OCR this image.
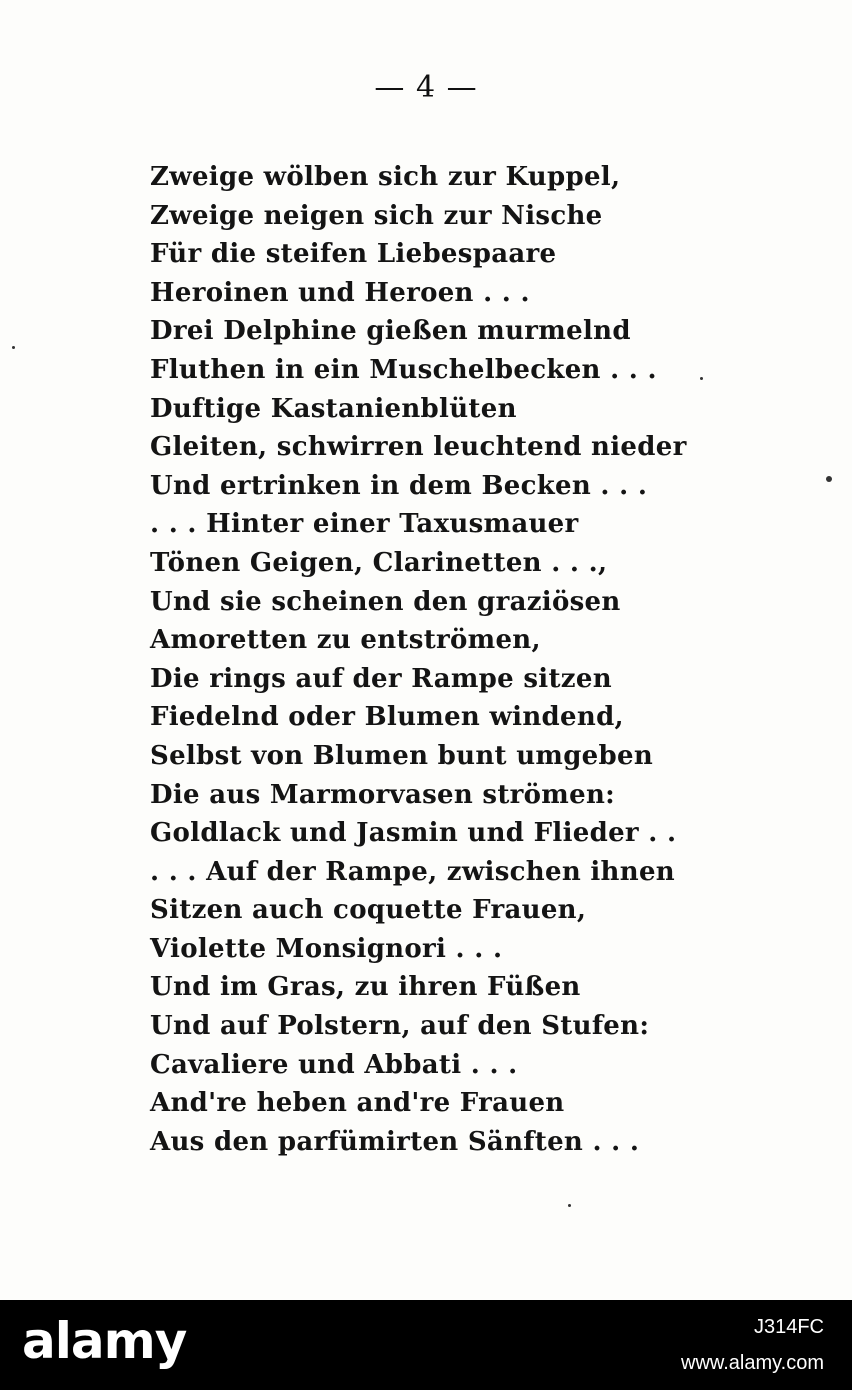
— 4 —
Zweige wölben sich zur Kuppel,
Zweige neigen sich zur Nische
Für die steifen Liebespaare
Heroinen und Heroen . . .
Drei Delphine gießen murmelnd
Fluthen in ein Muschelbecken . . .
Duftige Kastanienblüten
Gleiten, schwirren leuchtend nieder
Und ertrinken in dem Becken . . .
. . . Hinter einer Taxusmauer
Tönen Geigen, Clarinetten . . .,
Und sie scheinen den graziösen
Amoretten zu entströmen,
Die rings auf der Rampe sitzen
Fiedelnd oder Blumen windend,
Selbst von Blumen bunt umgeben
Die aus Marmorvasen strömen:
Goldlack und Jasmin und Flieder . .
. . . Auf der Rampe, zwischen ihnen
Sitzen auch coquette Frauen,
Violette Monsignori . . .
Und im Gras, zu ihren Füßen
Und auf Polstern, auf den Stufen:
Cavaliere und Abbati . . .
And're heben and're Frauen
Aus den parfümirten Sänften . . .
alamy	J314FC
www.alamy.com
